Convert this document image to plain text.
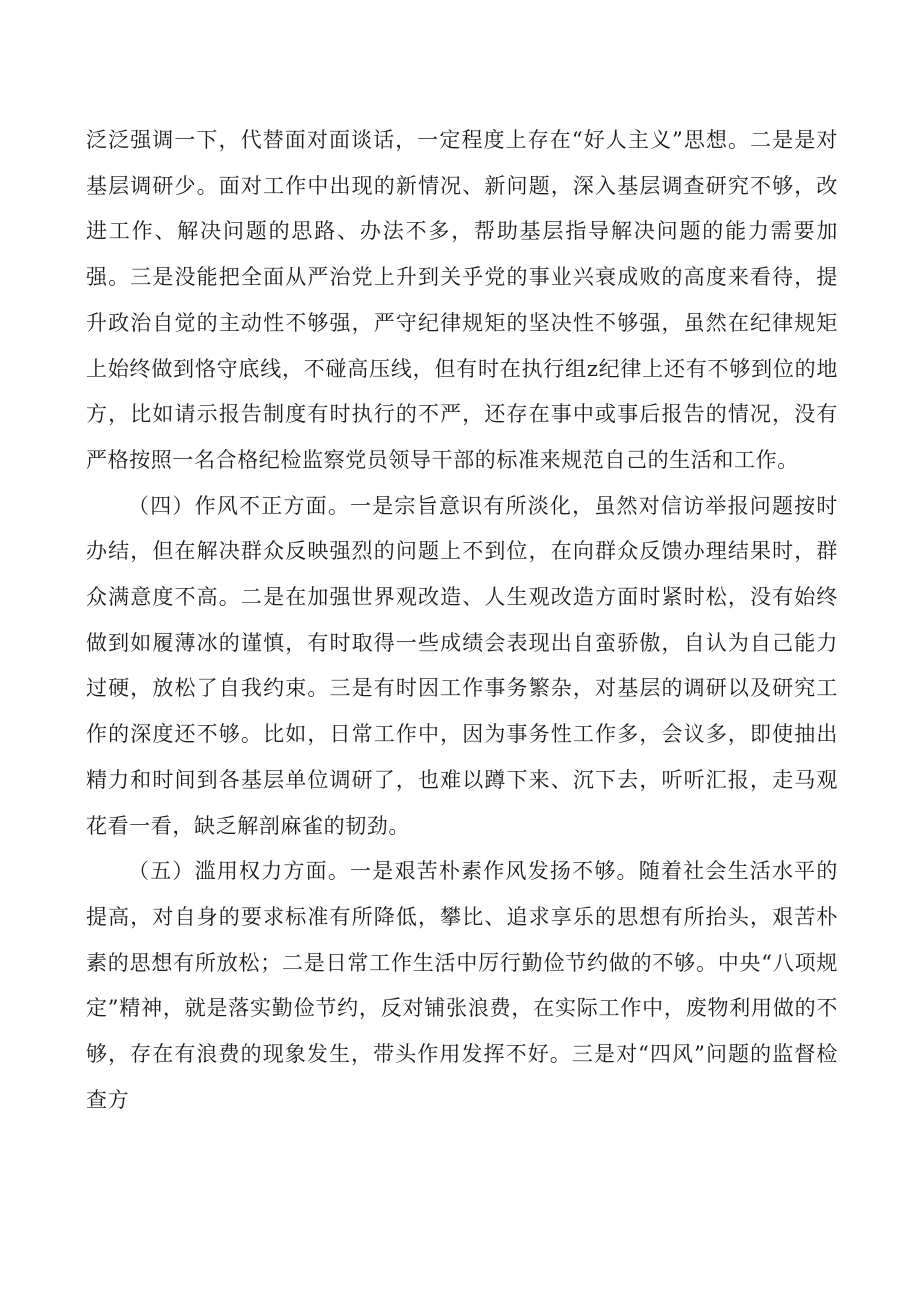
泛泛强调一下，代替面对面谈话，一定程度上存在“好人主义”思想。二是是对基层调研少。面对工作中出现的新情况、新问题，深入基层调查研究不够，改进工作、解决问题的思路、办法不多，帮助基层指导解决问题的能力需要加强。三是没能把全面从严治党上升到关乎党的事业兴衰成败的高度来看待，提升政治自觉的主动性不够强，严守纪律规矩的坚决性不够强，虽然在纪律规矩上始终做到恪守底线，不碰高压线，但有时在执行组z纪律上还有不够到位的地方，比如请示报告制度有时执行的不严，还存在事中或事后报告的情况，没有严格按照一名合格纪检监察党员领导干部的标准来规范自己的生活和工作。

（四）作风不正方面。一是宗旨意识有所淡化，虽然对信访举报问题按时办结，但在解决群众反映强烈的问题上不到位，在向群众反馈办理结果时，群众满意度不高。二是在加强世界观改造、人生观改造方面时紧时松，没有始终做到如履薄冰的谨慎，有时取得一些成绩会表现出自蛮骄傲，自认为自己能力过硬，放松了自我约束。三是有时因工作事务繁杂，对基层的调研以及研究工作的深度还不够。比如，日常工作中，因为事务性工作多，会议多，即使抽出精力和时间到各基层单位调研了，也难以蹲下来、沉下去，听听汇报，走马观花看一看，缺乏解剖麻雀的韧劲。

（五）滥用权力方面。一是艰苦朴素作风发扬不够。随着社会生活水平的提高，对自身的要求标准有所降低，攀比、追求享乐的思想有所抬头，艰苦朴素的思想有所放松；二是日常工作生活中厉行勤俭节约做的不够。中央“八项规定”精神，就是落实勤俭节约，反对铺张浪费，在实际工作中，废物利用做的不够，存在有浪费的现象发生，带头作用发挥不好。三是对“四风”问题的监督检查方
